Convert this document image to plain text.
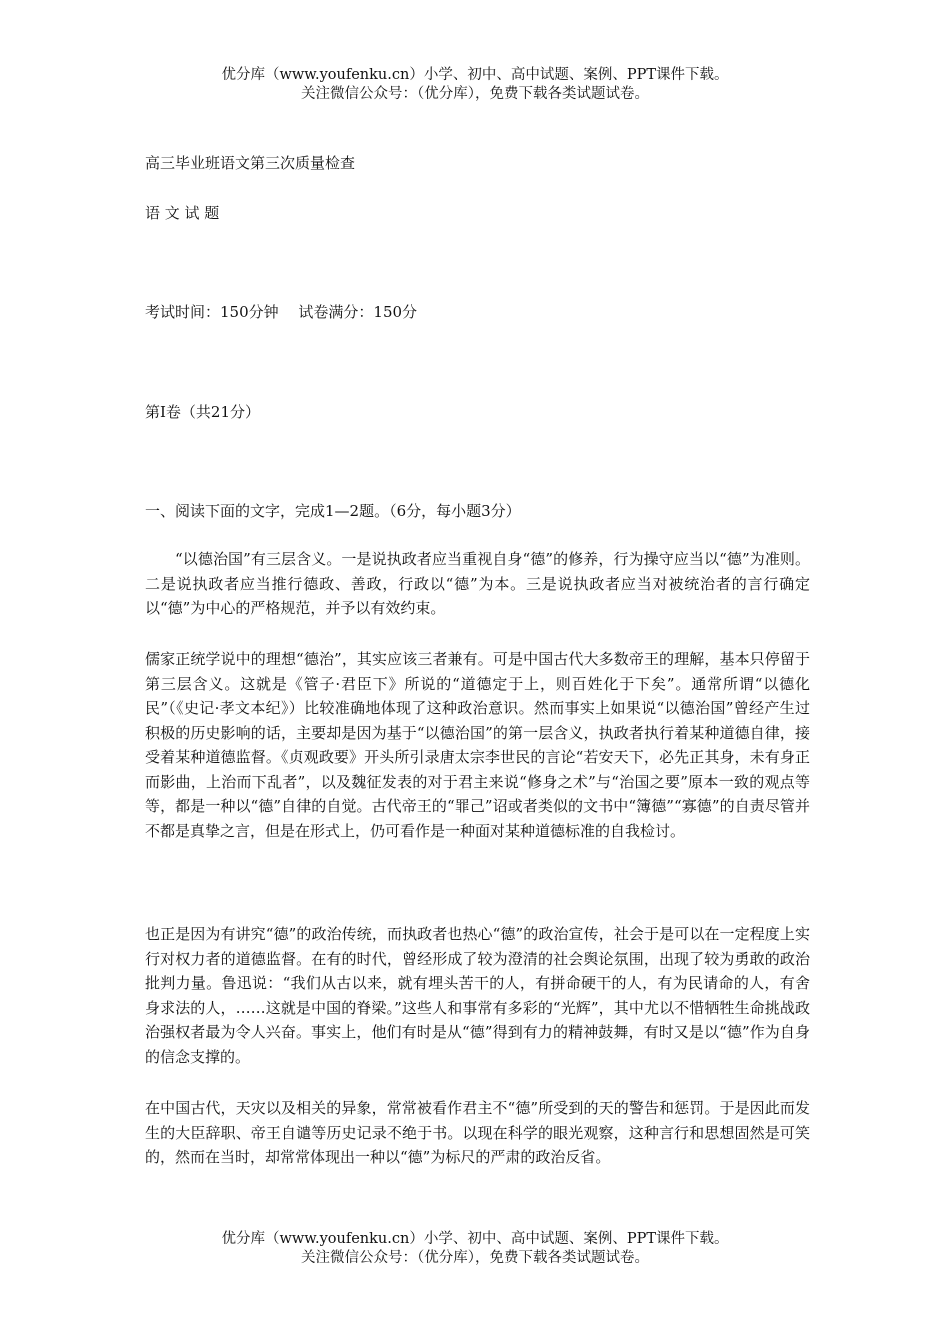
优分库（www.youfenku.cn）小学、初中、高中试题、案例、PPT课件下载。
关注微信公众号：（优分库），免费下载各类试题试卷。
高三毕业班语文第三次质量检查
语 文 试 题
考试时间：150分钟　 试卷满分：150分
第Ⅰ卷（共21分）
一、阅读下面的文字，完成1—2题。（6分，每小题3分）
“以德治国”有三层含义。一是说执政者应当重视自身“德”的修养，行为操守应当以“德”为准则。二是说执政者应当推行德政、善政，行政以“德”为本。三是说执政者应当对被统治者的言行确定以“德”为中心的严格规范，并予以有效约束。
儒家正统学说中的理想“德治”，其实应该三者兼有。可是中国古代大多数帝王的理解，基本只停留于第三层含义。这就是《管子·君臣下》所说的“道德定于上，则百姓化于下矣”。通常所谓“以德化民”（《史记·孝文本纪》）比较准确地体现了这种政治意识。然而事实上如果说“以德治国”曾经产生过积极的历史影响的话，主要却是因为基于“以德治国”的第一层含义，执政者执行着某种道德自律，接受着某种道德监督。《贞观政要》开头所引录唐太宗李世民的言论“若安天下，必先正其身，未有身正而影曲，上治而下乱者”，以及魏征发表的对于君主来说“修身之术”与“治国之要”原本一致的观点等等，都是一种以“德”自律的自觉。古代帝王的“罪己”诏或者类似的文书中“簿德”“寡德”的自责尽管并不都是真挚之言，但是在形式上，仍可看作是一种面对某种道德标准的自我检讨。
也正是因为有讲究“德”的政治传统，而执政者也热心“德”的政治宣传，社会于是可以在一定程度上实行对权力者的道德监督。在有的时代，曾经形成了较为澄清的社会舆论氛围，出现了较为勇敢的政治批判力量。鲁迅说：“我们从古以来，就有埋头苦干的人，有拼命硬干的人，有为民请命的人，有舍身求法的人，……这就是中国的脊梁。”这些人和事常有多彩的“光辉”，其中尤以不惜牺牲生命挑战政治强权者最为令人兴奋。事实上，他们有时是从“德”得到有力的精神鼓舞，有时又是以“德”作为自身的信念支撑的。
在中国古代，天灾以及相关的异象，常常被看作君主不“德”所受到的天的警告和惩罚。于是因此而发生的大臣辞职、帝王自谴等历史记录不绝于书。以现在科学的眼光观察，这种言行和思想固然是可笑的，然而在当时，却常常体现出一种以“德”为标尺的严肃的政治反省。
优分库（www.youfenku.cn）小学、初中、高中试题、案例、PPT课件下载。
关注微信公众号：（优分库），免费下载各类试题试卷。
